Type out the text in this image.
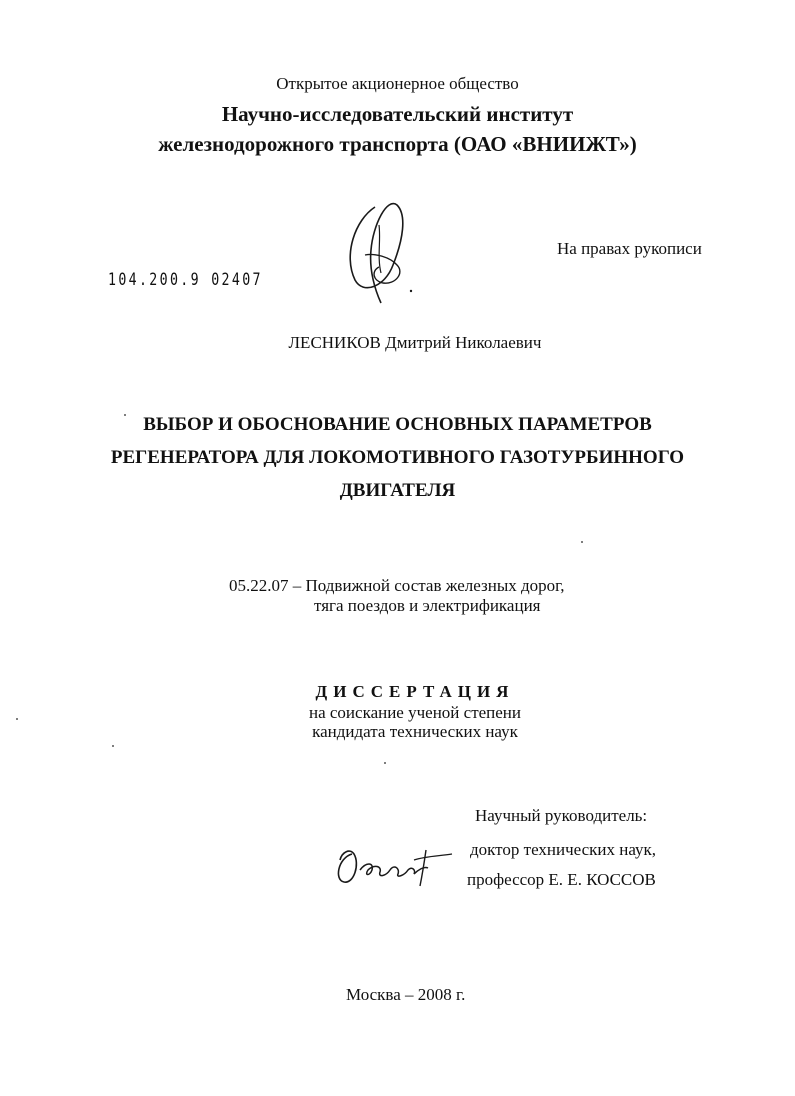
Открытое акционерное общество
Научно-исследовательский институт
железнодорожного транспорта (ОАО «ВНИИЖТ»)
На правах рукописи
104.200.9 02407
ЛЕСНИКОВ Дмитрий Николаевич
ВЫБОР И ОБОСНОВАНИЕ ОСНОВНЫХ ПАРАМЕТРОВ
РЕГЕНЕРАТОРА ДЛЯ ЛОКОМОТИВНОГО ГАЗОТУРБИННОГО
ДВИГАТЕЛЯ
05.22.07 – Подвижной состав железных дорог,
тяга поездов и электрификация
ДИССЕРТАЦИЯ
на соискание ученой степени
кандидата технических наук
Научный руководитель:
доктор технических наук,
профессор Е. Е. КОССОВ
Москва – 2008 г.
